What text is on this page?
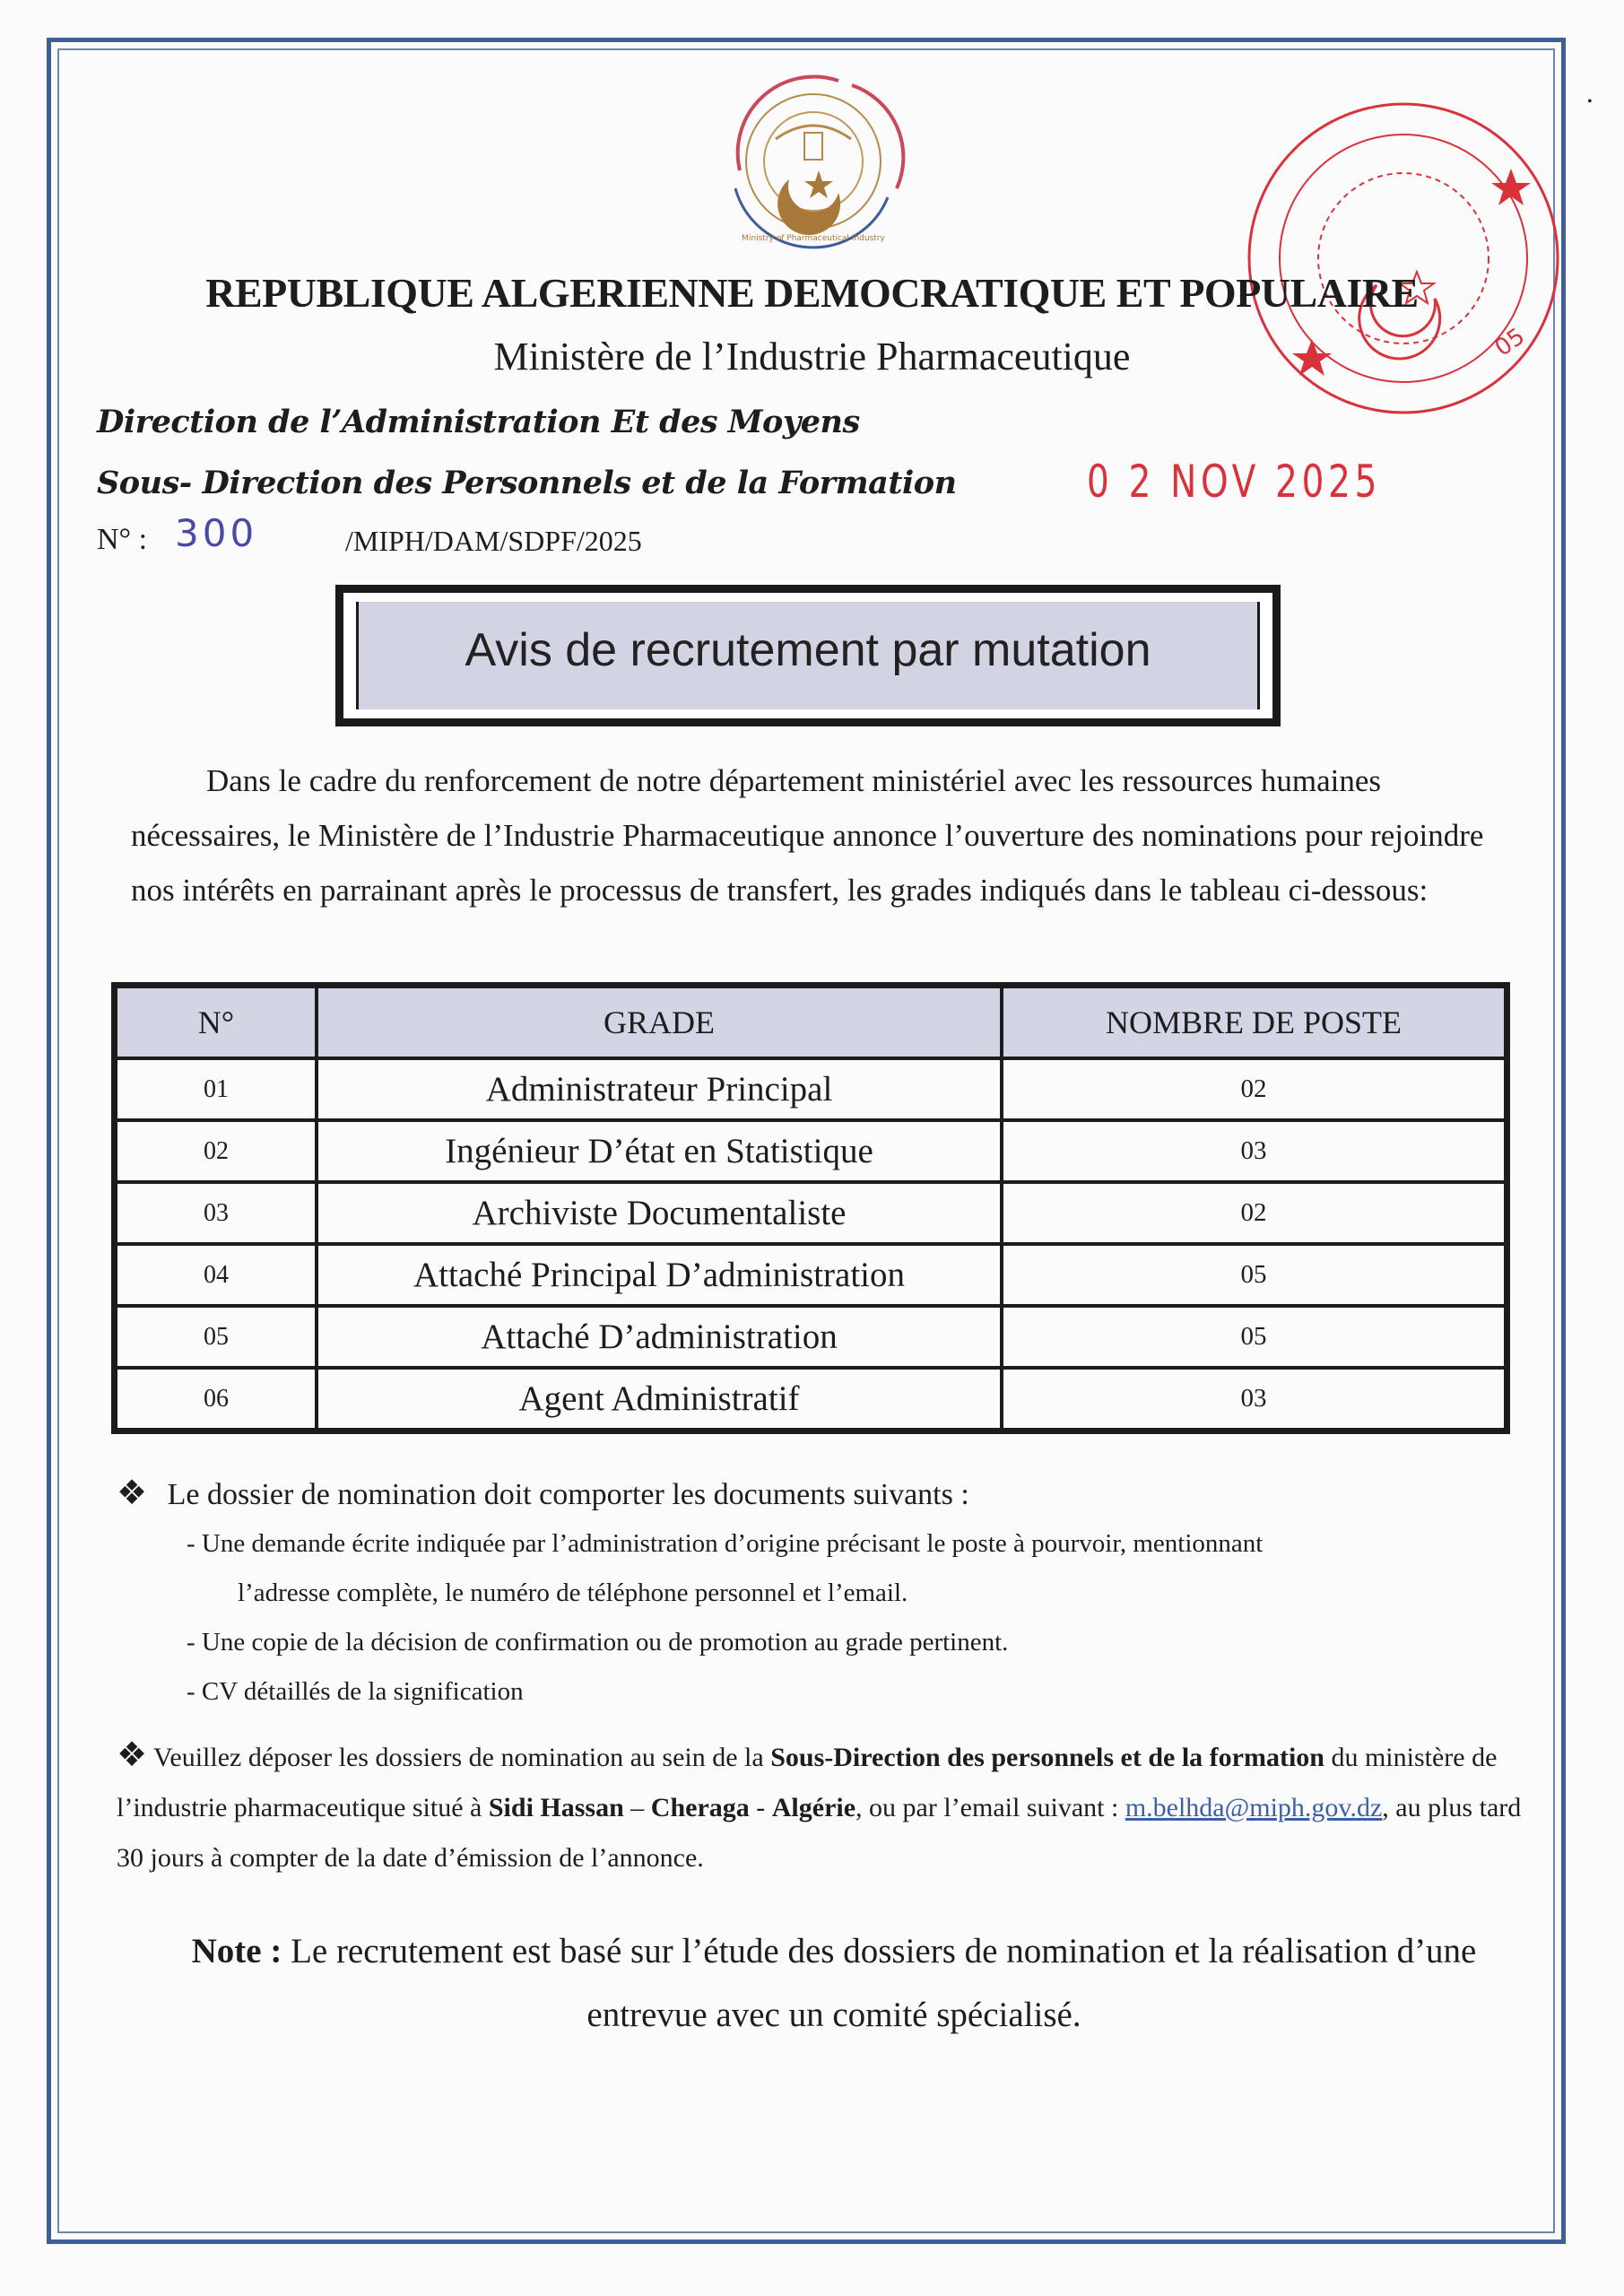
Ministry of Pharmaceutical Industry
05
0 2 NOV 2025
•
REPUBLIQUE ALGERIENNE DEMOCRATIQUE ET POPULAIRE
Ministère de l’Industrie Pharmaceutique
Direction de l’Administration Et des Moyens
Sous- Direction des Personnels et de la Formation
N° : 300	/MIPH/DAM/SDPF/2025
Avis de recrutement par mutation
Dans le cadre du renforcement de notre département ministériel avec les ressources humaines nécessaires, le Ministère de l’Industrie Pharmaceutique annonce l’ouverture des nominations pour rejoindre nos intérêts en parrainant après le processus de transfert, les grades indiqués dans le tableau ci-dessous:
N°	GRADE	NOMBRE DE POSTE
01	Administrateur Principal	02
02	Ingénieur D’état en Statistique	03
03	Archiviste Documentaliste	02
04	Attaché Principal D’administration	05
05	Attaché D’administration	05
06	Agent Administratif	03
❖ Le dossier de nomination doit comporter les documents suivants :
- Une demande écrite indiquée par l’administration d’origine précisant le poste à pourvoir, mentionnant
l’adresse complète, le numéro de téléphone personnel et l’email.
- Une copie de la décision de confirmation ou de promotion au grade pertinent.
- CV détaillés de la signification
❖ Veuillez déposer les dossiers de nomination au sein de la Sous-Direction des personnels et de la formation du ministère de l’industrie pharmaceutique situé à Sidi Hassan – Cheraga - Algérie, ou par l’email suivant : m.belhda@miph.gov.dz, au plus tard 30 jours à compter de la date d’émission de l’annonce.
Note : Le recrutement est basé sur l’étude des dossiers de nomination et la réalisation d’une entrevue avec un comité spécialisé.
